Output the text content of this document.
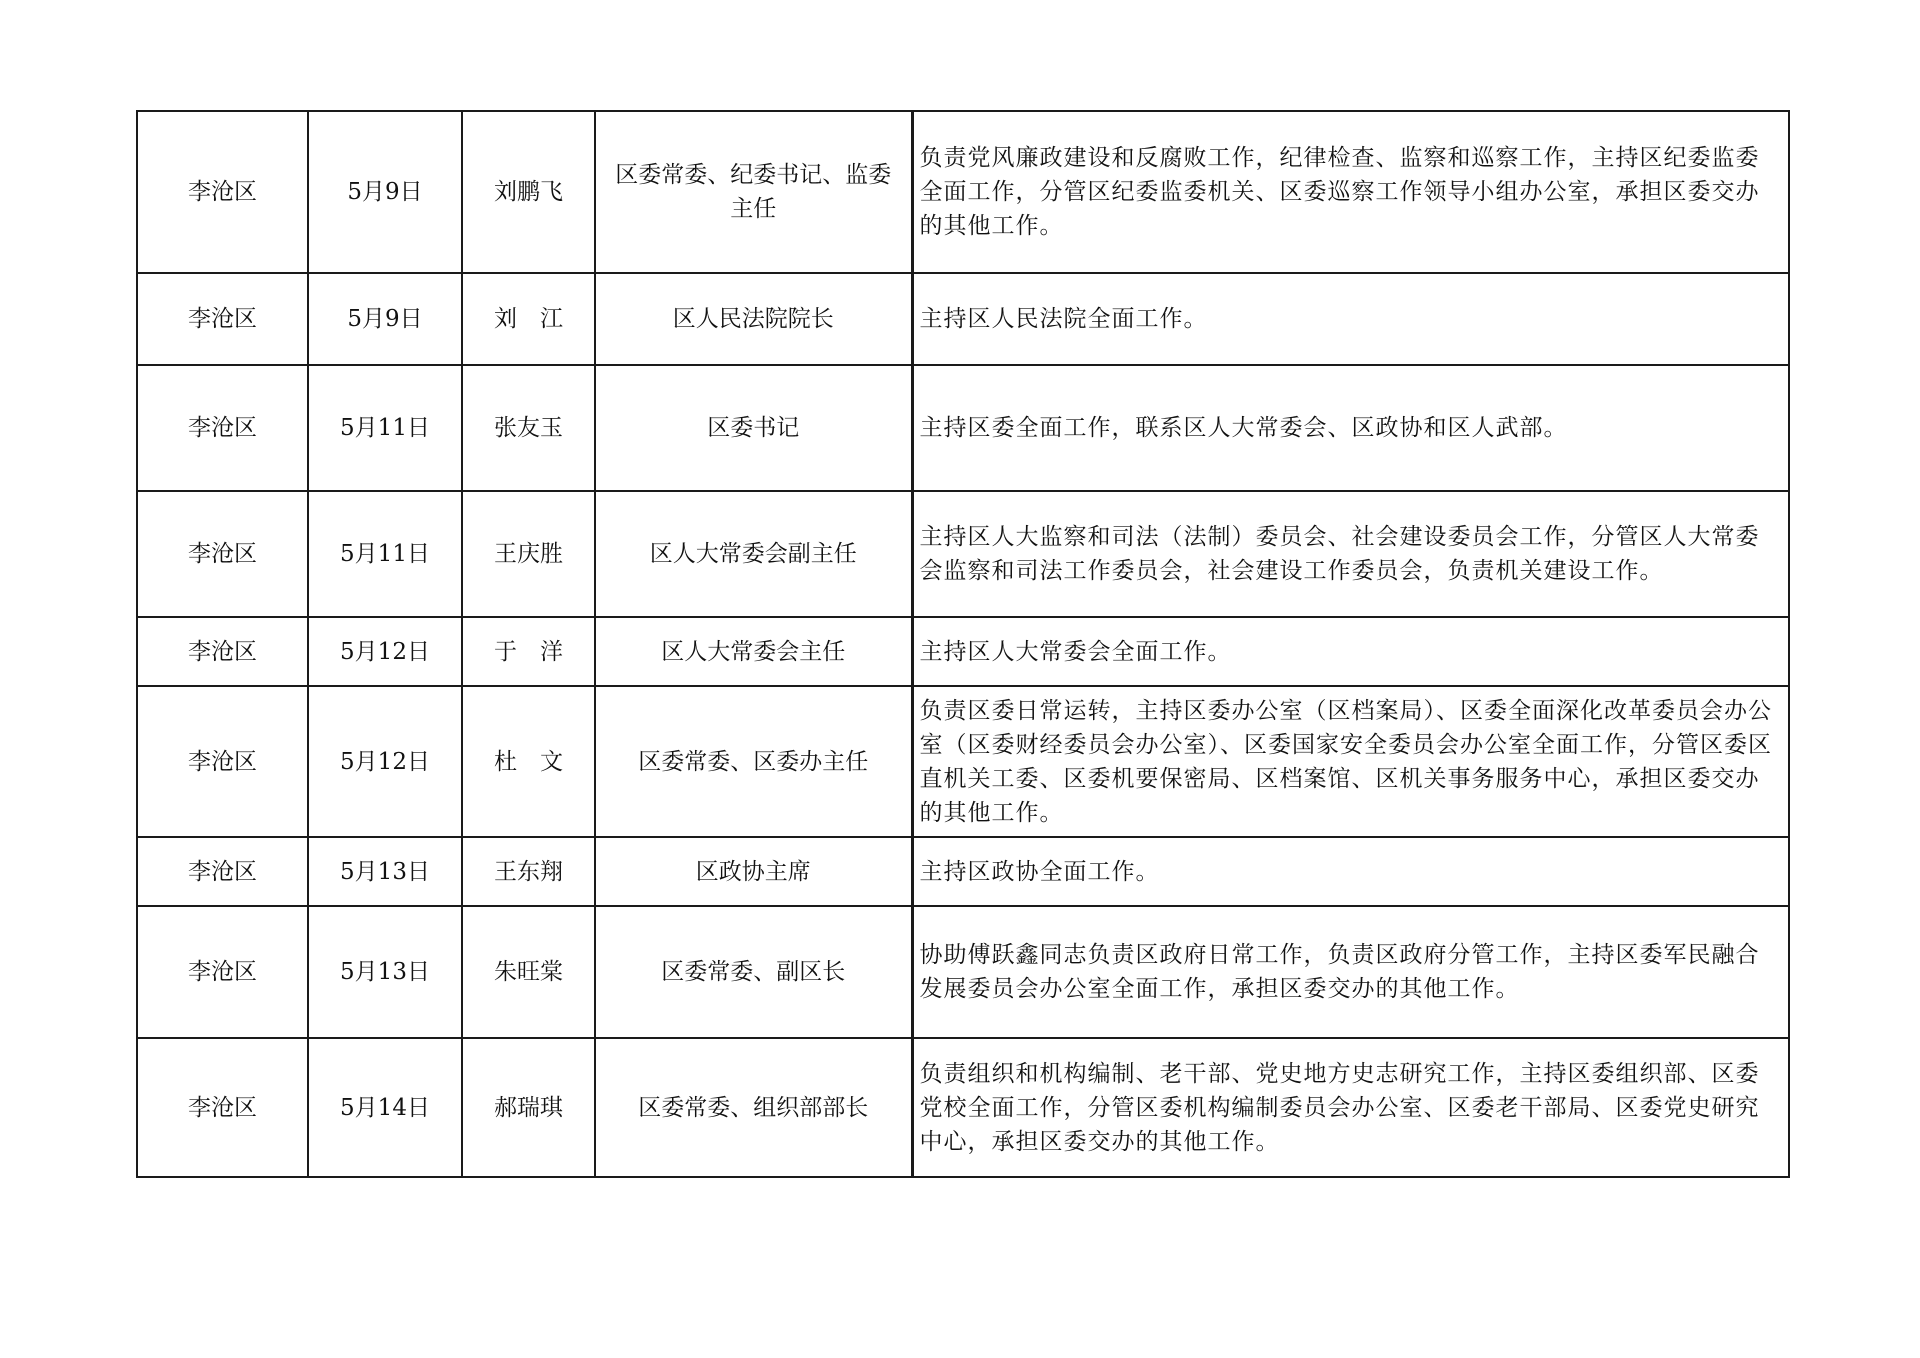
李沧区	5月9日	刘鹏飞	区委常委、纪委书记、监委主任	负责党风廉政建设和反腐败工作，纪律检查、监察和巡察工作，主持区纪委监委全面工作，分管区纪委监委机关、区委巡察工作领导小组办公室，承担区委交办的其他工作。
李沧区	5月9日	刘　江	区人民法院院长	主持区人民法院全面工作。
李沧区	5月11日	张友玉	区委书记	主持区委全面工作，联系区人大常委会、区政协和区人武部。
李沧区	5月11日	王庆胜	区人大常委会副主任	主持区人大监察和司法（法制）委员会、社会建设委员会工作，分管区人大常委会监察和司法工作委员会，社会建设工作委员会，负责机关建设工作。
李沧区	5月12日	于　洋	区人大常委会主任	主持区人大常委会全面工作。
李沧区	5月12日	杜　文	区委常委、区委办主任	负责区委日常运转，主持区委办公室（区档案局）、区委全面深化改革委员会办公室（区委财经委员会办公室）、区委国家安全委员会办公室全面工作，分管区委区直机关工委、区委机要保密局、区档案馆、区机关事务服务中心，承担区委交办的其他工作。
李沧区	5月13日	王东翔	区政协主席	主持区政协全面工作。
李沧区	5月13日	朱旺棠	区委常委、副区长	协助傅跃鑫同志负责区政府日常工作，负责区政府分管工作，主持区委军民融合发展委员会办公室全面工作，承担区委交办的其他工作。
李沧区	5月14日	郝瑞琪	区委常委、组织部部长	负责组织和机构编制、老干部、党史地方史志研究工作，主持区委组织部、区委党校全面工作，分管区委机构编制委员会办公室、区委老干部局、区委党史研究中心，承担区委交办的其他工作。
